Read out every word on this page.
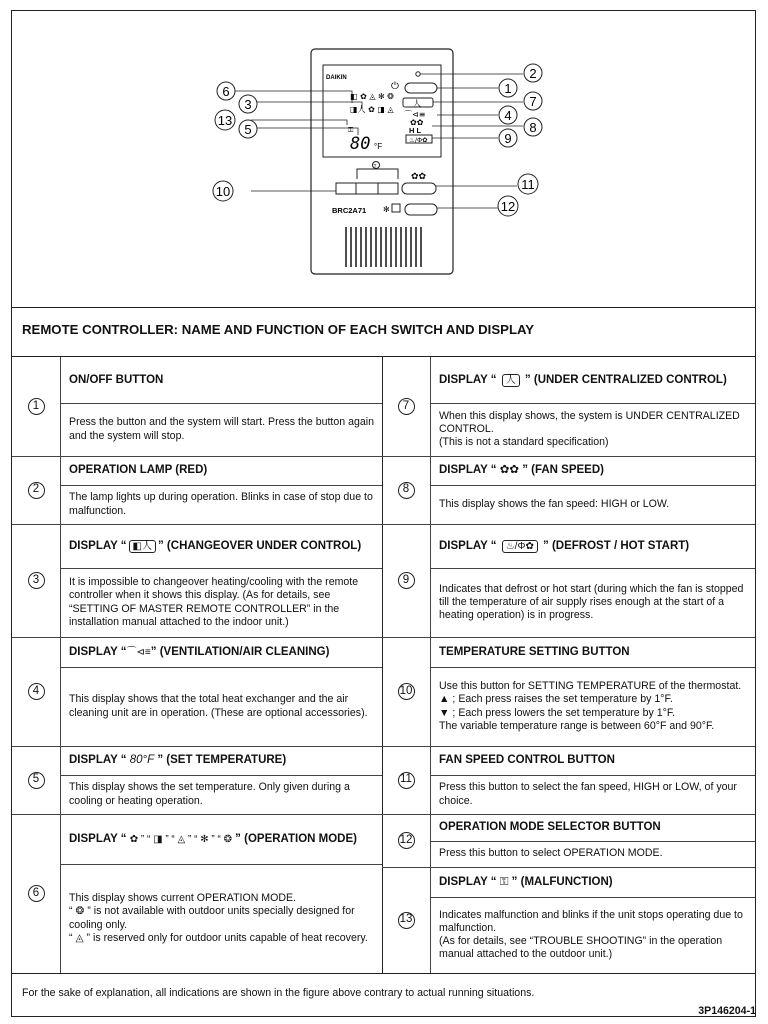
DAIKIN
⏻
◧ ✿ ◬ ✻ ❂
人
◨人 ✿ ◨ ◬
⌒⊲≡
✿✿
H L
♨/Φ✿
⚿
80 °F
T
✿✿
✻
BRC2A71
2
1
7
4
8
9
11
12
6
3
13
5
10
REMOTE CONTROLLER: NAME AND FUNCTION OF EACH SWITCH AND DISPLAY
1
ON/OFF BUTTON
Press the button and the system will start. Press the button again and the system will stop.
2
OPERATION LAMP (RED)
The lamp lights up during operation. Blinks in case of stop due to malfunction.
3
DISPLAY “ ◧人 ” (CHANGEOVER UNDER CONTROL)
It is impossible to changeover heating/cooling with the remote controller when it shows this display. (As for details, see “SETTING OF MASTER REMOTE CONTROLLER” in the installation manual attached to the indoor unit.)
4
DISPLAY “⌒⊲≡” (VENTILATION/AIR CLEANING)
This display shows that the total heat exchanger and the air cleaning unit are in operation. (These are optional accessories).
5
DISPLAY “ 80°F ” (SET TEMPERATURE)
This display shows the set temperature. Only given during a cooling or heating operation.
6
DISPLAY “ ✿ ” “ ◨ ” “ ◬ ” “ ✻ ” “ ❂ ” (OPERATION MODE)
This display shows current OPERATION MODE.
“ ❂ ” is not available with outdoor units specially designed for cooling only.
“ ◬ ” is reserved only for outdoor units capable of heat recovery.
7
DISPLAY “ 人 ” (UNDER CENTRALIZED CONTROL)
When this display shows, the system is UNDER CENTRALIZED CONTROL.
(This is not a standard specification)
8
DISPLAY “ ✿✿ ” (FAN SPEED)
This display shows the fan speed: HIGH or LOW.
9
DISPLAY “ ♨/Φ✿ ” (DEFROST / HOT START)
Indicates that defrost or hot start (during which the fan is stopped till the temperature of air supply rises enough at the start of a heating operation) is in progress.
10
TEMPERATURE SETTING BUTTON
Use this button for SETTING TEMPERATURE of the thermostat.
▲ ; Each press raises the set temperature by 1°F.
▼ ; Each press lowers the set temperature by 1°F.
The variable temperature range is between 60°F and 90°F.
11
FAN SPEED CONTROL BUTTON
Press this button to select the fan speed, HIGH or LOW, of your choice.
12
OPERATION MODE SELECTOR BUTTON
Press this button to select OPERATION MODE.
13
DISPLAY “ ⚿ ” (MALFUNCTION)
Indicates malfunction and blinks if the unit stops operating due to malfunction.
(As for details, see “TROUBLE SHOOTING” in the operation manual attached to the outdoor unit.)
For the sake of explanation, all indications are shown in the figure above contrary to actual running situations.
3P146204-1
